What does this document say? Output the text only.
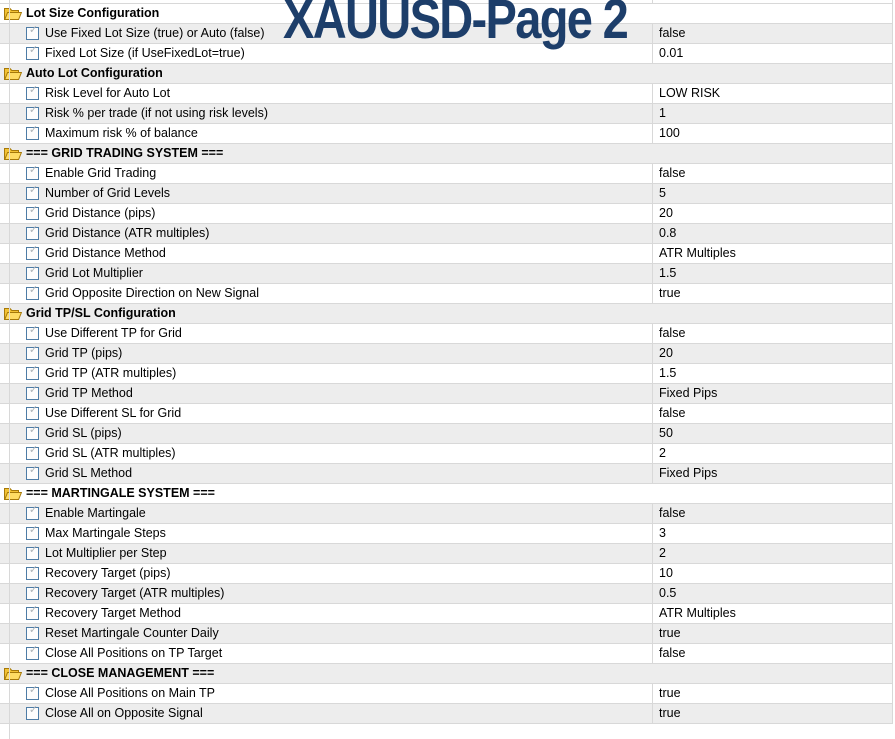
Lot Size Configuration
✓ Use Fixed Lot Size (true) or Auto (false)	false
✓ Fixed Lot Size (if UseFixedLot=true)	0.01
Auto Lot Configuration
✓ Risk Level for Auto Lot	LOW RISK
✓ Risk % per trade (if not using risk levels)	1
✓ Maximum risk % of balance	100
=== GRID TRADING SYSTEM ===
✓ Enable Grid Trading	false
✓ Number of Grid Levels	5
✓ Grid Distance (pips)	20
✓ Grid Distance (ATR multiples)	0.8
✓ Grid Distance Method	ATR Multiples
✓ Grid Lot Multiplier	1.5
✓ Grid Opposite Direction on New Signal	true
Grid TP/SL Configuration
✓ Use Different TP for Grid	false
✓ Grid TP (pips)	20
✓ Grid TP (ATR multiples)	1.5
✓ Grid TP Method	Fixed Pips
✓ Use Different SL for Grid	false
✓ Grid SL (pips)	50
✓ Grid SL (ATR multiples)	2
✓ Grid SL Method	Fixed Pips
=== MARTINGALE SYSTEM ===
✓ Enable Martingale	false
✓ Max Martingale Steps	3
✓ Lot Multiplier per Step	2
✓ Recovery Target (pips)	10
✓ Recovery Target (ATR multiples)	0.5
✓ Recovery Target Method	ATR Multiples
✓ Reset Martingale Counter Daily	true
✓ Close All Positions on TP Target	false
=== CLOSE MANAGEMENT ===
✓ Close All Positions on Main TP	true
✓ Close All on Opposite Signal	true
XAUUSD-Page 2
